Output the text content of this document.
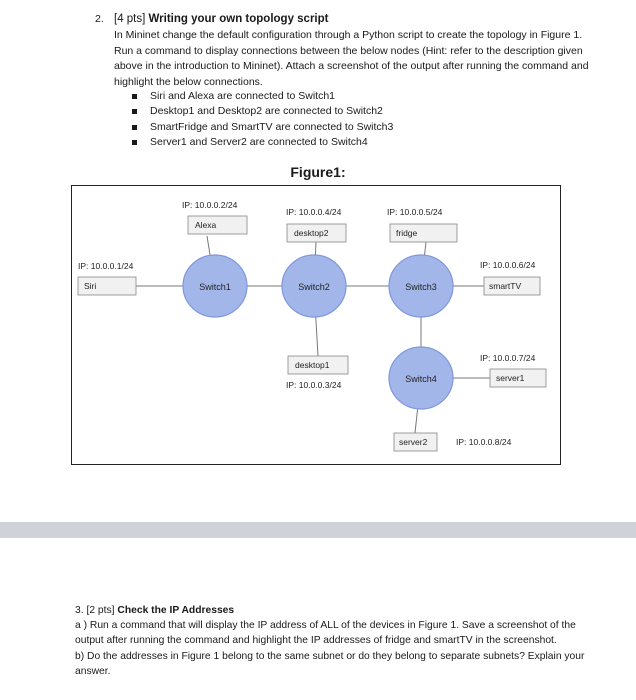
2. [4 pts] Writing your own topology script
In Mininet change the default configuration through a Python script to create the topology in Figure 1. Run a command to display connections between the below nodes (Hint: refer to the description given above in the introduction to Mininet). Attach a screenshot of the output after running the command and highlight the below connections.
Siri and Alexa are connected to Switch1
Desktop1 and Desktop2 are connected to Switch2
SmartFridge and SmartTV are connected to Switch3
Server1 and Server2 are connected to Switch4
Figure1:
Switch1	Switch2	Switch3
Switch4
IP: 10.0.0.1/24
Siri
IP: 10.0.0.2/24
Alexa
IP: 10.0.0.4/24
desktop2
IP: 10.0.0.5/24
fridge
IP: 10.0.0.6/24
smartTV
desktop1
IP: 10.0.0.3/24
IP: 10.0.0.7/24
server1
server2	IP: 10.0.0.8/24
3. [2 pts] Check the IP Addresses
a ) Run a command that will display the IP address of ALL of the devices in Figure 1. Save a screenshot of the output after running the command and highlight the IP addresses of fridge and smartTV in the screenshot.
b) Do the addresses in Figure 1 belong to the same subnet or do they belong to separate subnets? Explain your answer.
